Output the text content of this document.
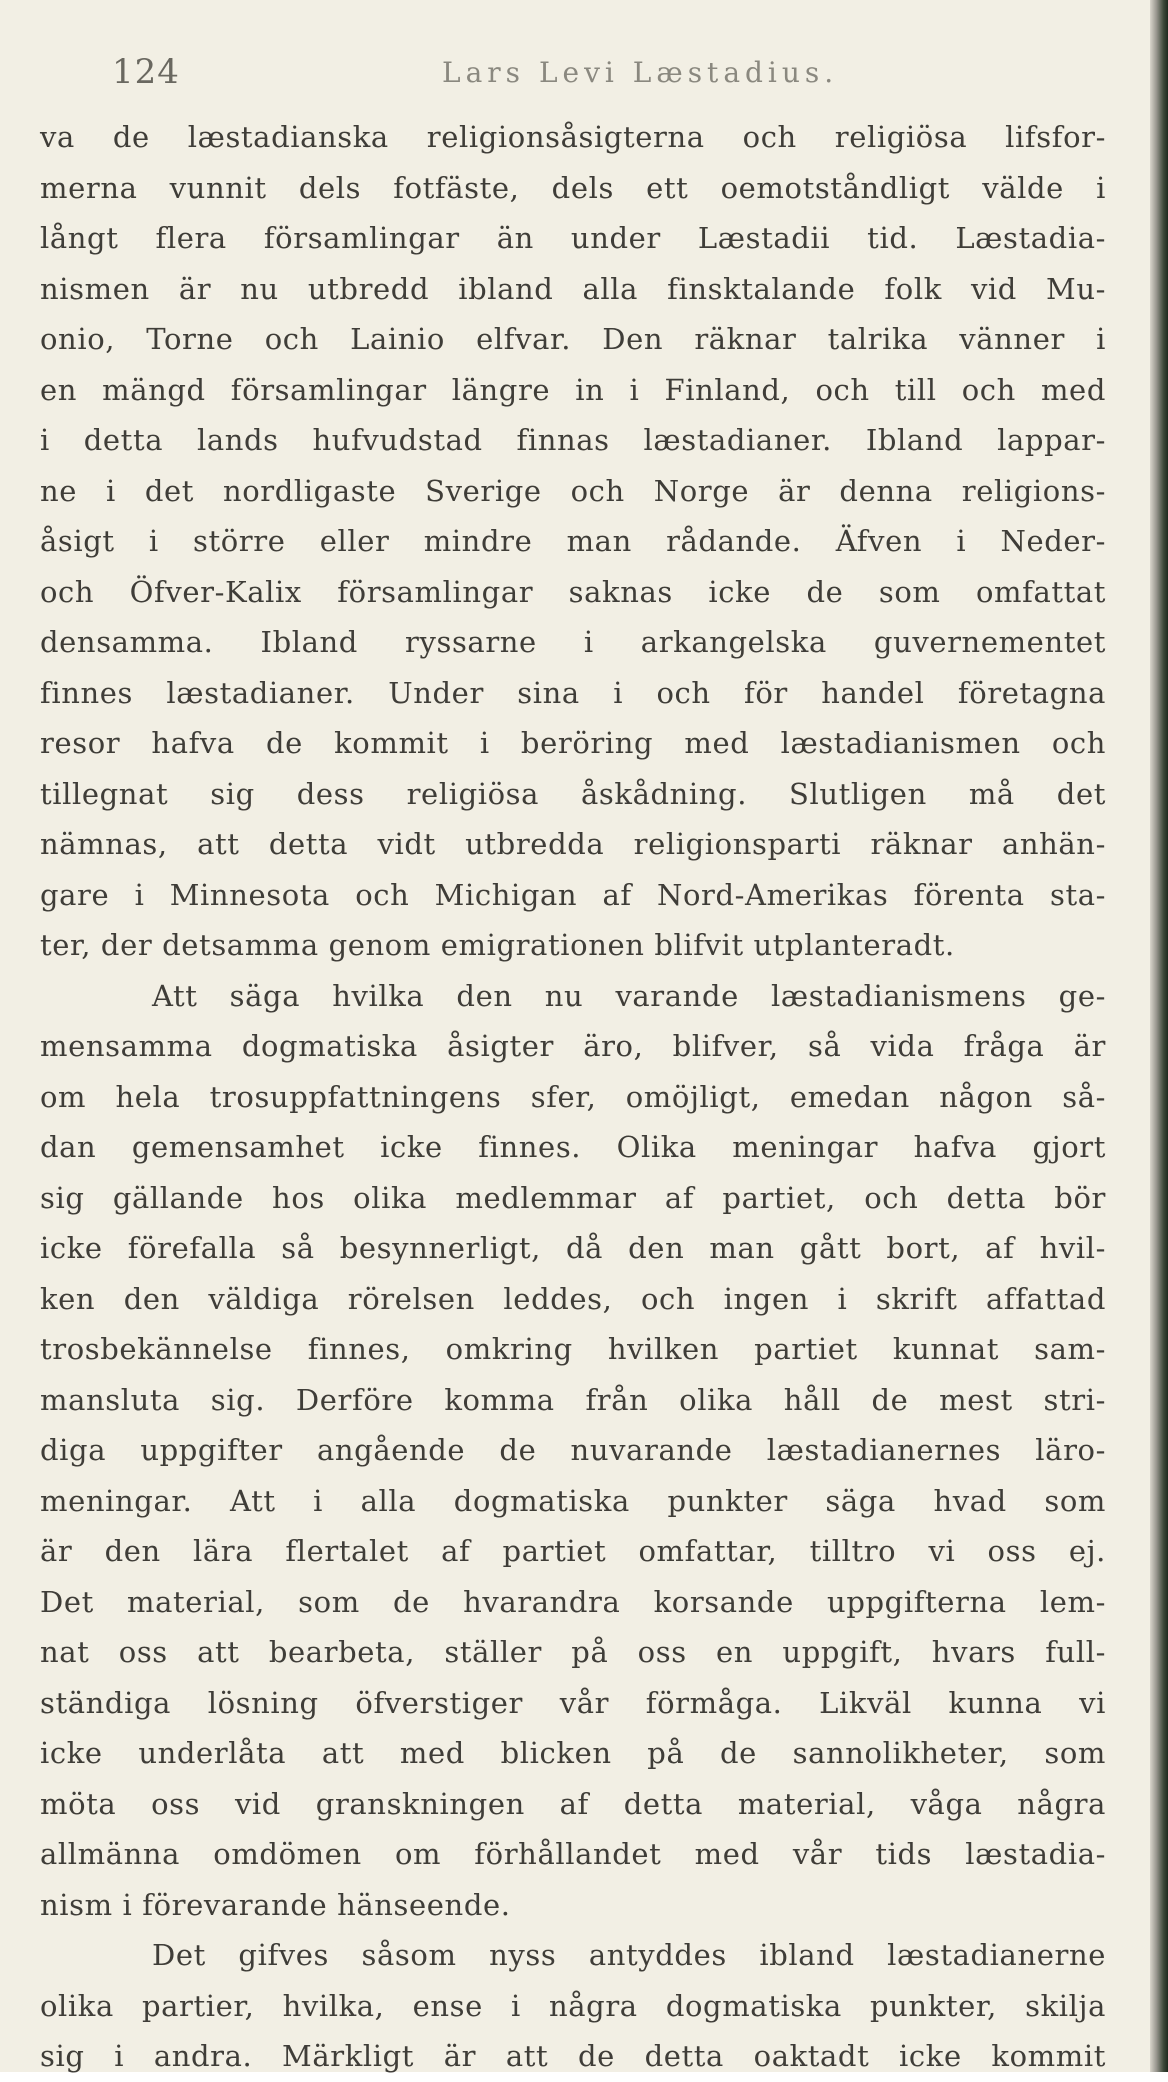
124	Lars Levi Læstadius.
va de læstadianska religionsåsigterna och religiösa lifsfor-
merna vunnit dels fotfäste, dels ett oemotståndligt välde i
långt flera församlingar än under Læstadii tid. Læstadia-
nismen är nu utbredd ibland alla finsktalande folk vid Mu-
onio, Torne och Lainio elfvar. Den räknar talrika vänner i
en mängd församlingar längre in i Finland, och till och med
i detta lands hufvudstad finnas læstadianer. Ibland lappar-
ne i det nordligaste Sverige och Norge är denna religions-
åsigt i större eller mindre man rådande. Äfven i Neder-
och Öfver-Kalix församlingar saknas icke de som omfattat
densamma. Ibland ryssarne i arkangelska guvernementet
finnes læstadianer. Under sina i och för handel företagna
resor hafva de kommit i beröring med læstadianismen och
tillegnat sig dess religiösa åskådning. Slutligen må det
nämnas, att detta vidt utbredda religionsparti räknar anhän-
gare i Minnesota och Michigan af Nord-Amerikas förenta sta-
ter, der detsamma genom emigrationen blifvit utplanteradt.
Att säga hvilka den nu varande læstadianismens ge-
mensamma dogmatiska åsigter äro, blifver, så vida fråga är
om hela trosuppfattningens sfer, omöjligt, emedan någon så-
dan gemensamhet icke finnes. Olika meningar hafva gjort
sig gällande hos olika medlemmar af partiet, och detta bör
icke förefalla så besynnerligt, då den man gått bort, af hvil-
ken den väldiga rörelsen leddes, och ingen i skrift affattad
trosbekännelse finnes, omkring hvilken partiet kunnat sam-
mansluta sig. Derföre komma från olika håll de mest stri-
diga uppgifter angående de nuvarande læstadianernes läro-
meningar. Att i alla dogmatiska punkter säga hvad som
är den lära flertalet af partiet omfattar, tilltro vi oss ej.
Det material, som de hvarandra korsande uppgifterna lem-
nat oss att bearbeta, ställer på oss en uppgift, hvars full-
ständiga lösning öfverstiger vår förmåga. Likväl kunna vi
icke underlåta att med blicken på de sannolikheter, som
möta oss vid granskningen af detta material, våga några
allmänna omdömen om förhållandet med vår tids læstadia-
nism i förevarande hänseende.
Det gifves såsom nyss antyddes ibland læstadianerne
olika partier, hvilka, ense i några dogmatiska punkter, skilja
sig i andra. Märkligt är att de detta oaktadt icke kommit
